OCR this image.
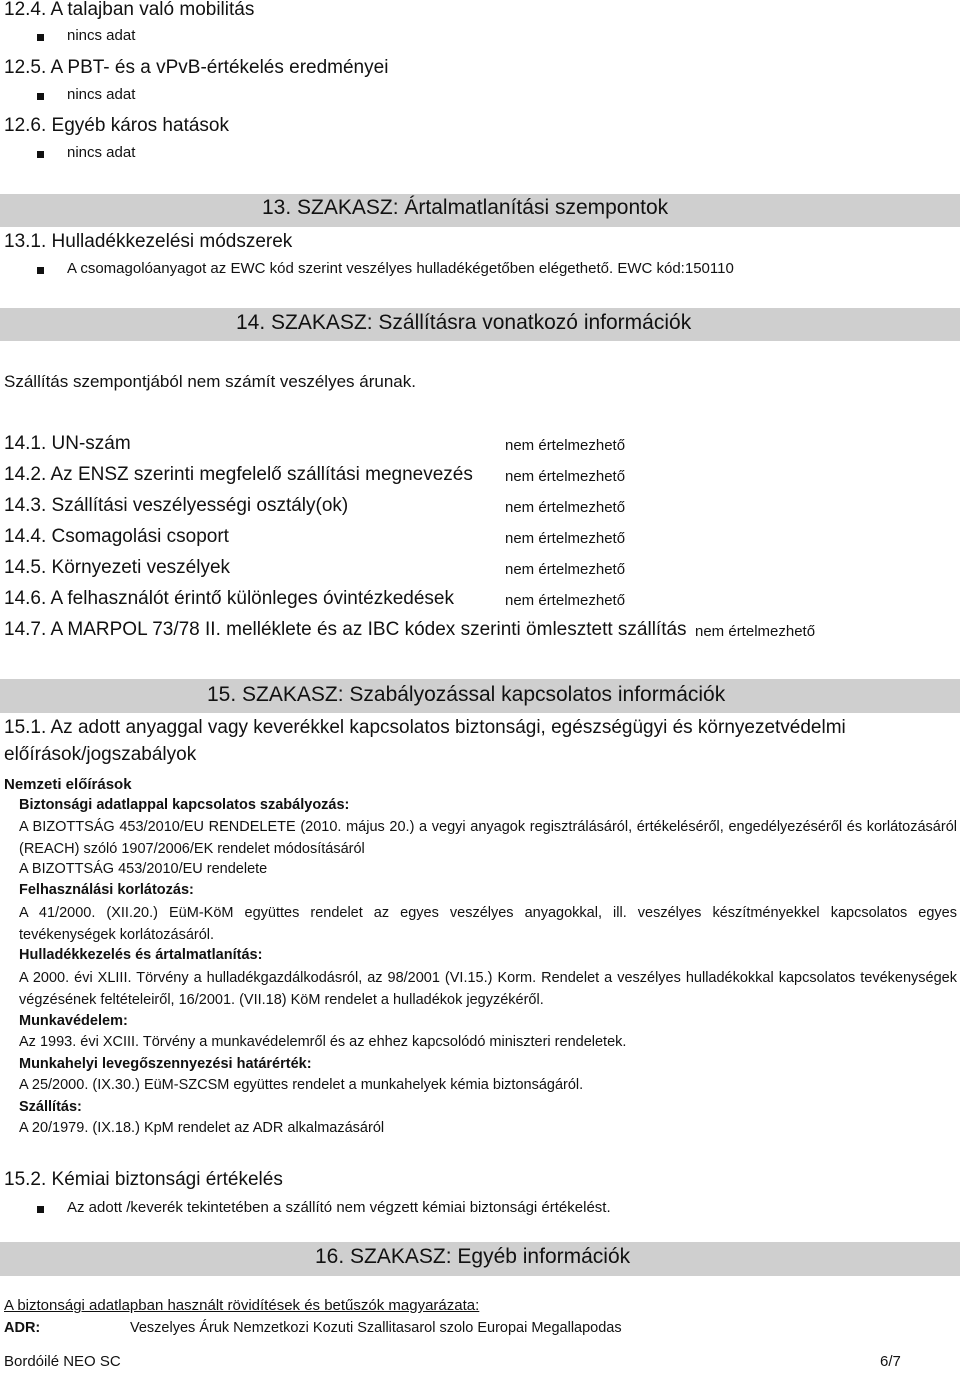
12.4. A talajban való mobilitás
nincs adat
12.5. A PBT- és a vPvB-értékelés eredményei
nincs adat
12.6. Egyéb káros hatások
nincs adat
13. SZAKASZ: Ártalmatlanítási szempontok
13.1. Hulladékkezelési módszerek
A csomagolóanyagot az EWC kód szerint veszélyes hulladékégetőben elégethető. EWC kód:150110
14. SZAKASZ: Szállításra vonatkozó információk
Szállítás szempontjából nem számít veszélyes árunak.
14.1. UN-szám	nem értelmezhető
14.2. Az ENSZ szerinti megfelelő szállítási megnevezés nem értelmezhető
14.3. Szállítási veszélyességi osztály(ok)	nem értelmezhető
14.4. Csomagolási csoport	nem értelmezhető
14.5. Környezeti veszélyek	nem értelmezhető
14.6. A felhasználót érintő különleges óvintézkedések	nem értelmezhető
14.7. A MARPOL 73/78 II. melléklete és az IBC kódex szerinti ömlesztett szállítás nem értelmezhető
15. SZAKASZ: Szabályozással kapcsolatos információk
15.1. Az adott anyaggal vagy keverékkel kapcsolatos biztonsági, egészségügyi és környezetvédelmi
előírások/jogszabályok
Nemzeti előírások
Biztonsági adatlappal kapcsolatos szabályozás:
A BIZOTTSÁG 453/2010/EU RENDELETE (2010. május 20.) a vegyi anyagok regisztrálásáról, értékeléséről, engedélyezéséről és korlátozásáról (REACH) szóló 1907/2006/EK rendelet módosításáról
A BIZOTTSÁG 453/2010/EU rendelete
Felhasználási korlátozás:
A 41/2000. (XII.20.) EüM-KöM együttes rendelet az egyes veszélyes anyagokkal, ill. veszélyes készítményekkel kapcsolatos egyes tevékenységek korlátozásáról.
Hulladékkezelés és ártalmatlanítás:
A 2000. évi XLIII. Törvény a hulladékgazdálkodásról, az 98/2001 (VI.15.) Korm. Rendelet a veszélyes hulladékokkal kapcsolatos tevékenységek végzésének feltételeiről, 16/2001. (VII.18) KöM rendelet a hulladékok jegyzékéről.
Munkavédelem:
Az 1993. évi XCIII. Törvény a munkavédelemről és az ehhez kapcsolódó miniszteri rendeletek.
Munkahelyi levegőszennyezési határérték:
A 25/2000. (IX.30.) EüM-SZCSM együttes rendelet a munkahelyek kémia biztonságáról.
Szállítás:
A 20/1979. (IX.18.) KpM rendelet az ADR alkalmazásáról
15.2. Kémiai biztonsági értékelés
Az adott /keverék tekintetében a szállító nem végzett kémiai biztonsági értékelést.
16. SZAKASZ: Egyéb információk
A biztonsági adatlapban használt rövidítések és betűszók magyarázata:
ADR:	Veszelyes Áruk Nemzetkozi Kozuti Szallitasarol szolo Europai Megallapodas
Bordóilé NEO SC	6/7
